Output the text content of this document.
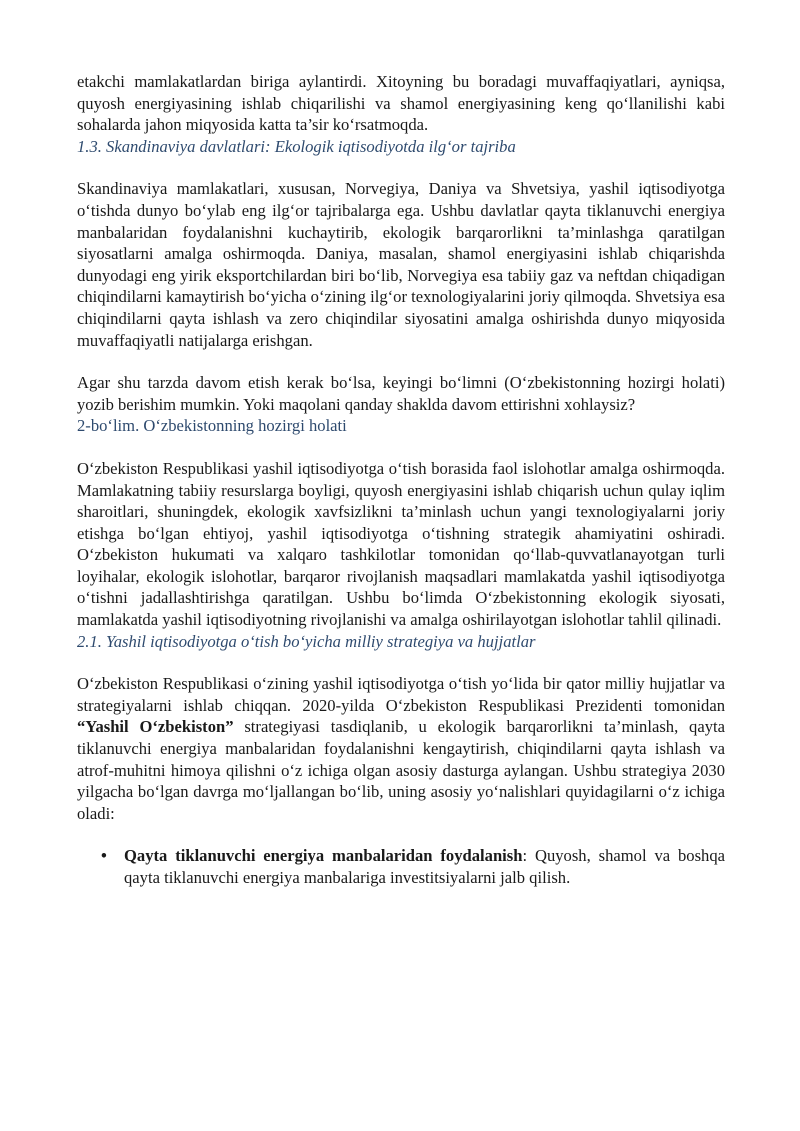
etakchi mamlakatlardan biriga aylantirdi. Xitoyning bu boradagi muvaffaqiyatlari, ayniqsa, quyosh energiyasining ishlab chiqarilishi va shamol energiyasining keng qo‘llanilishi kabi sohalarda jahon miqyosida katta ta’sir ko‘rsatmoqda.

1.3. Skandinaviya davlatlari: Ekologik iqtisodiyotda ilg‘or tajriba

Skandinaviya mamlakatlari, xususan, Norvegiya, Daniya va Shvetsiya, yashil iqtisodiyotga o‘tishda dunyo bo‘ylab eng ilg‘or tajribalarga ega. Ushbu davlatlar qayta tiklanuvchi energiya manbalaridan foydalanishni kuchaytirib, ekologik barqarorlikni ta’minlashga qaratilgan siyosatlarni amalga oshirmoqda. Daniya, masalan, shamol energiyasini ishlab chiqarishda dunyodagi eng yirik eksportchilardan biri bo‘lib, Norvegiya esa tabiiy gaz va neftdan chiqadigan chiqindilarni kamaytirish bo‘yicha o‘zining ilg‘or texnologiyalarini joriy qilmoqda. Shvetsiya esa chiqindilarni qayta ishlash va zero chiqindilar siyosatini amalga oshirishda dunyo miqyosida muvaffaqiyatli natijalarga erishgan.

Agar shu tarzda davom etish kerak bo‘lsa, keyingi bo‘limni (O‘zbekistonning hozirgi holati) yozib berishim mumkin. Yoki maqolani qanday shaklda davom ettirishni xohlaysiz?

2-bo‘lim. O‘zbekistonning hozirgi holati

O‘zbekiston Respublikasi yashil iqtisodiyotga o‘tish borasida faol islohotlar amalga oshirmoqda. Mamlakatning tabiiy resurslarga boyligi, quyosh energiyasini ishlab chiqarish uchun qulay iqlim sharoitlari, shuningdek, ekologik xavfsizlikni ta’minlash uchun yangi texnologiyalarni joriy etishga bo‘lgan ehtiyoj, yashil iqtisodiyotga o‘tishning strategik ahamiyatini oshiradi. O‘zbekiston hukumati va xalqaro tashkilotlar tomonidan qo‘llab-quvvatlanayotgan turli loyihalar, ekologik islohotlar, barqaror rivojlanish maqsadlari mamlakatda yashil iqtisodiyotga o‘tishni jadallashtirishga qaratilgan. Ushbu bo‘limda O‘zbekistonning ekologik siyosati, mamlakatda yashil iqtisodiyotning rivojlanishi va amalga oshirilayotgan islohotlar tahlil qilinadi.

2.1. Yashil iqtisodiyotga o‘tish bo‘yicha milliy strategiya va hujjatlar

O‘zbekiston Respublikasi o‘zining yashil iqtisodiyotga o‘tish yo‘lida bir qator milliy hujjatlar va strategiyalarni ishlab chiqqan. 2020-yilda O‘zbekiston Respublikasi Prezidenti tomonidan “Yashil O‘zbekiston” strategiyasi tasdiqlanib, u ekologik barqarorlikni ta’minlash, qayta tiklanuvchi energiya manbalaridan foydalanishni kengaytirish, chiqindilarni qayta ishlash va atrof-muhitni himoya qilishni o‘z ichiga olgan asosiy dasturga aylangan. Ushbu strategiya 2030 yilgacha bo‘lgan davrga mo‘ljallangan bo‘lib, uning asosiy yo‘nalishlari quyidagilarni o‘z ichiga oladi:

• Qayta tiklanuvchi energiya manbalaridan foydalanish: Quyosh, shamol va boshqa qayta tiklanuvchi energiya manbalariga investitsiyalarni jalb qilish.
